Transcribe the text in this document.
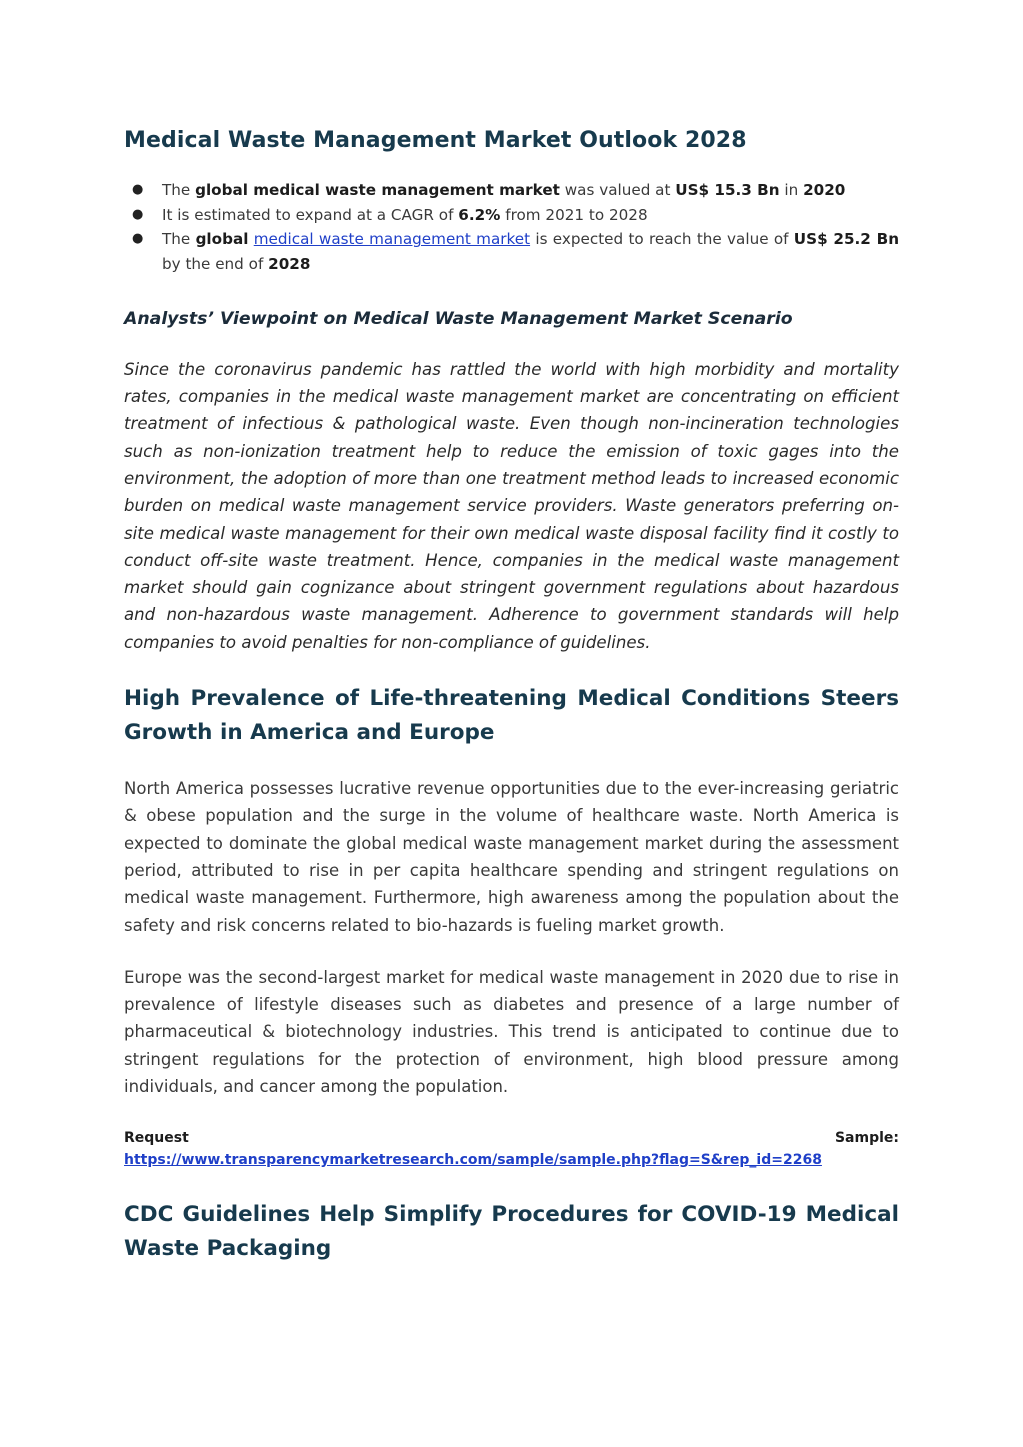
Medical Waste Management Market Outlook 2028
● The global medical waste management market was valued at US$ 15.3 Bn in 2020
● It is estimated to expand at a CAGR of 6.2% from 2021 to 2028
● The global medical waste management market is expected to reach the value of US$ 25.2 Bn by the end of 2028
Analysts’ Viewpoint on Medical Waste Management Market Scenario

Since the coronavirus pandemic has rattled the world with high morbidity and mortality rates, companies in the medical waste management market are concentrating on efficient treatment of infectious & pathological waste. Even though non-incineration technologies such as non-ionization treatment help to reduce the emission of toxic gages into the environment, the adoption of more than one treatment method leads to increased economic burden on medical waste management service providers. Waste generators preferring on-site medical waste management for their own medical waste disposal facility find it costly to conduct off-site waste treatment. Hence, companies in the medical waste management market should gain cognizance about stringent government regulations about hazardous and non-hazardous waste management. Adherence to government standards will help companies to avoid penalties for non-compliance of guidelines.

High Prevalence of Life-threatening Medical Conditions Steers Growth in America and Europe

North America possesses lucrative revenue opportunities due to the ever-increasing geriatric & obese population and the surge in the volume of healthcare waste. North America is expected to dominate the global medical waste management market during the assessment period, attributed to rise in per capita healthcare spending and stringent regulations on medical waste management. Furthermore, high awareness among the population about the safety and risk concerns related to bio-hazards is fueling market growth.

Europe was the second-largest market for medical waste management in 2020 due to rise in prevalence of lifestyle diseases such as diabetes and presence of a large number of pharmaceutical & biotechnology industries. This trend is anticipated to continue due to stringent regulations for the protection of environment, high blood pressure among individuals, and cancer among the population.

Request	Sample:
https://www.transparencymarketresearch.com/sample/sample.php?flag=S&rep_id=2268
CDC Guidelines Help Simplify Procedures for COVID-19 Medical Waste Packaging
